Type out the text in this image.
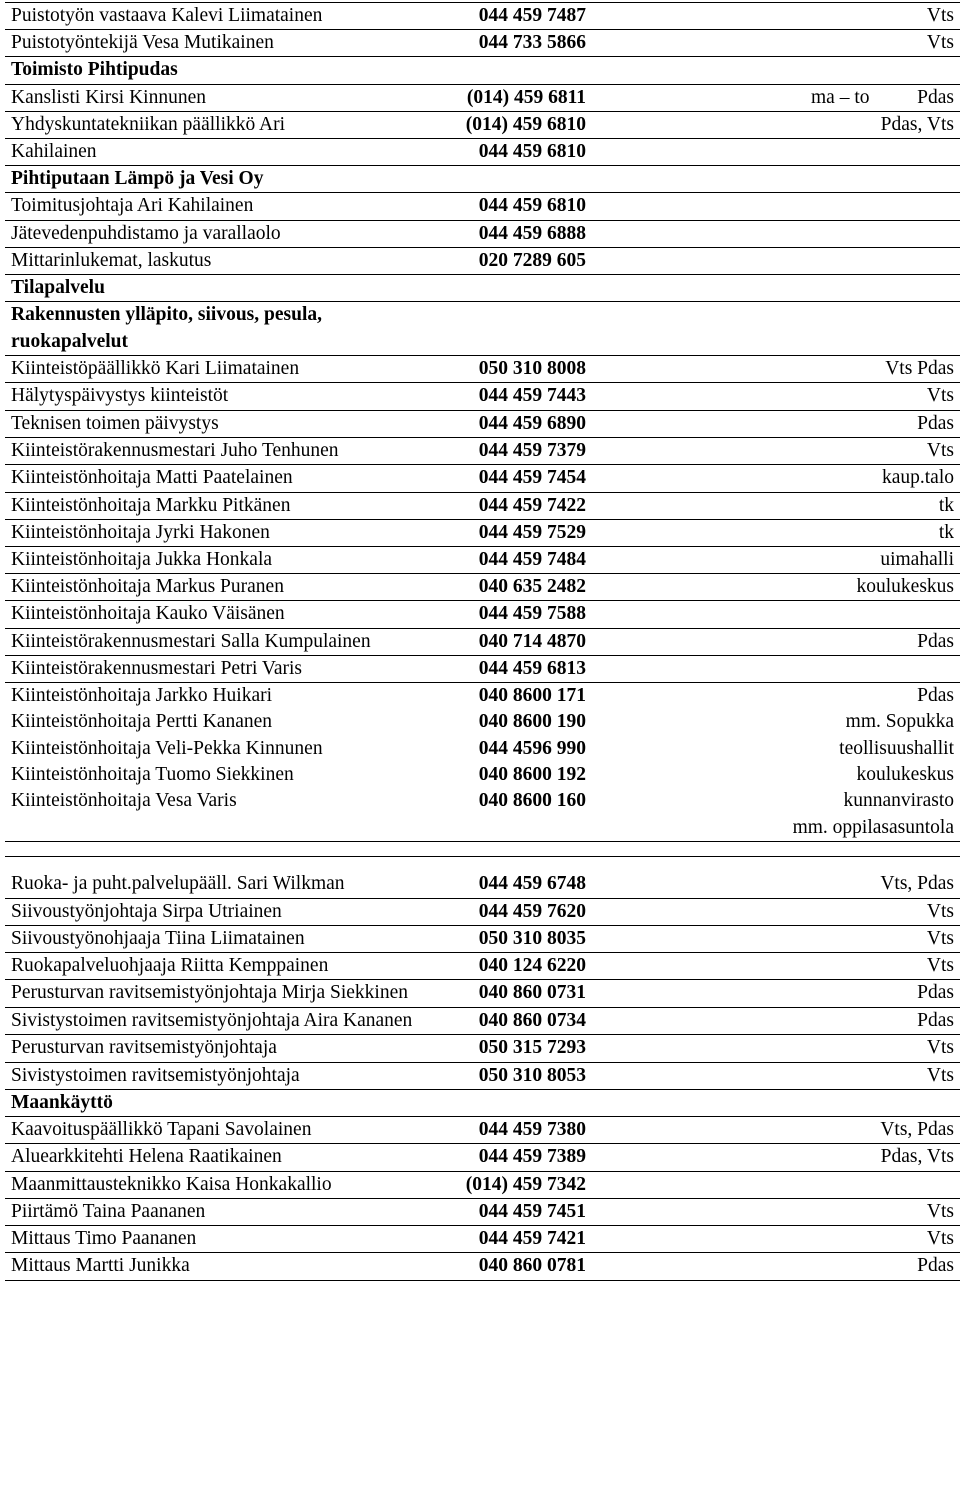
Puistotyön vastaava Kalevi Liimatainen	044 459 7487	Vts
Puistotyöntekijä Vesa Mutikainen	044 733 5866	Vts
Toimisto Pihtipudas		
Kanslisti Kirsi Kinnunen	(014) 459 6811	ma – to Pdas

Yhdyskuntatekniikan päällikkö Ari	(014) 459 6810	Pdas, Vts
Kahilainen	044 459 6810	
Pihtiputaan Lämpö ja Vesi Oy		
Toimitusjohtaja Ari Kahilainen	044 459 6810	
Jätevedenpuhdistamo ja varallaolo	044 459 6888	
Mittarinlukemat, laskutus	020 7289 605	
Tilapalvelu		
Rakennusten ylläpito, siivous, pesula, ruokapalvelut		
Kiinteistöpäällikkö Kari Liimatainen	050 310 8008	Vts Pdas
Hälytyspäivystys kiinteistöt	044 459 7443	Vts
Teknisen toimen päivystys	044 459 6890	Pdas
Kiinteistörakennusmestari Juho Tenhunen	044 459 7379	Vts
Kiinteistönhoitaja Matti Paatelainen	044 459 7454	kaup.talo
Kiinteistönhoitaja Markku Pitkänen	044 459 7422	tk
Kiinteistönhoitaja Jyrki Hakonen	044 459 7529	tk
Kiinteistönhoitaja Jukka Honkala	044 459 7484	uimahalli
Kiinteistönhoitaja Markus Puranen	040 635 2482	koulukeskus
Kiinteistönhoitaja Kauko Väisänen	044 459 7588	
Kiinteistörakennusmestari Salla Kumpulainen	040 714 4870	Pdas
Kiinteistörakennusmestari Petri Varis	044 459 6813	
Kiinteistönhoitaja Jarkko Huikari	040 8600 171	Pdas
Kiinteistönhoitaja Pertti Kananen	040 8600 190	mm. Sopukka
Kiinteistönhoitaja Veli-Pekka Kinnunen	044 4596 990	teollisuushallit
Kiinteistönhoitaja Tuomo Siekkinen	040 8600 192	koulukeskus
Kiinteistönhoitaja Vesa Varis	040 8600 160	kunnanvirasto
mm. oppilasasuntola

Ruoka- ja puht.palvelupääll. Sari Wilkman	044 459 6748	Vts, Pdas
Siivoustyönjohtaja Sirpa Utriainen	044 459 7620	Vts
Siivoustyönohjaaja Tiina Liimatainen	050 310 8035	Vts
Ruokapalveluohjaaja Riitta Kemppainen	040 124 6220	Vts
Perusturvan ravitsemistyönjohtaja Mirja Siekkinen	040 860 0731	Pdas
Sivistystoimen ravitsemistyönjohtaja Aira Kananen	040 860 0734	Pdas
Perusturvan ravitsemistyönjohtaja	050 315 7293	Vts
Sivistystoimen ravitsemistyönjohtaja	050 310 8053	Vts
Maankäyttö		
Kaavoituspäällikkö Tapani Savolainen	044 459 7380	Vts, Pdas
Aluearkkitehti Helena Raatikainen	044 459 7389	Pdas, Vts
Maanmittausteknikko Kaisa Honkakallio	(014) 459 7342	
Piirtämö Taina Paananen	044 459 7451	Vts
Mittaus Timo Paananen	044 459 7421	Vts
Mittaus Martti Junikka	040 860 0781	Pdas
